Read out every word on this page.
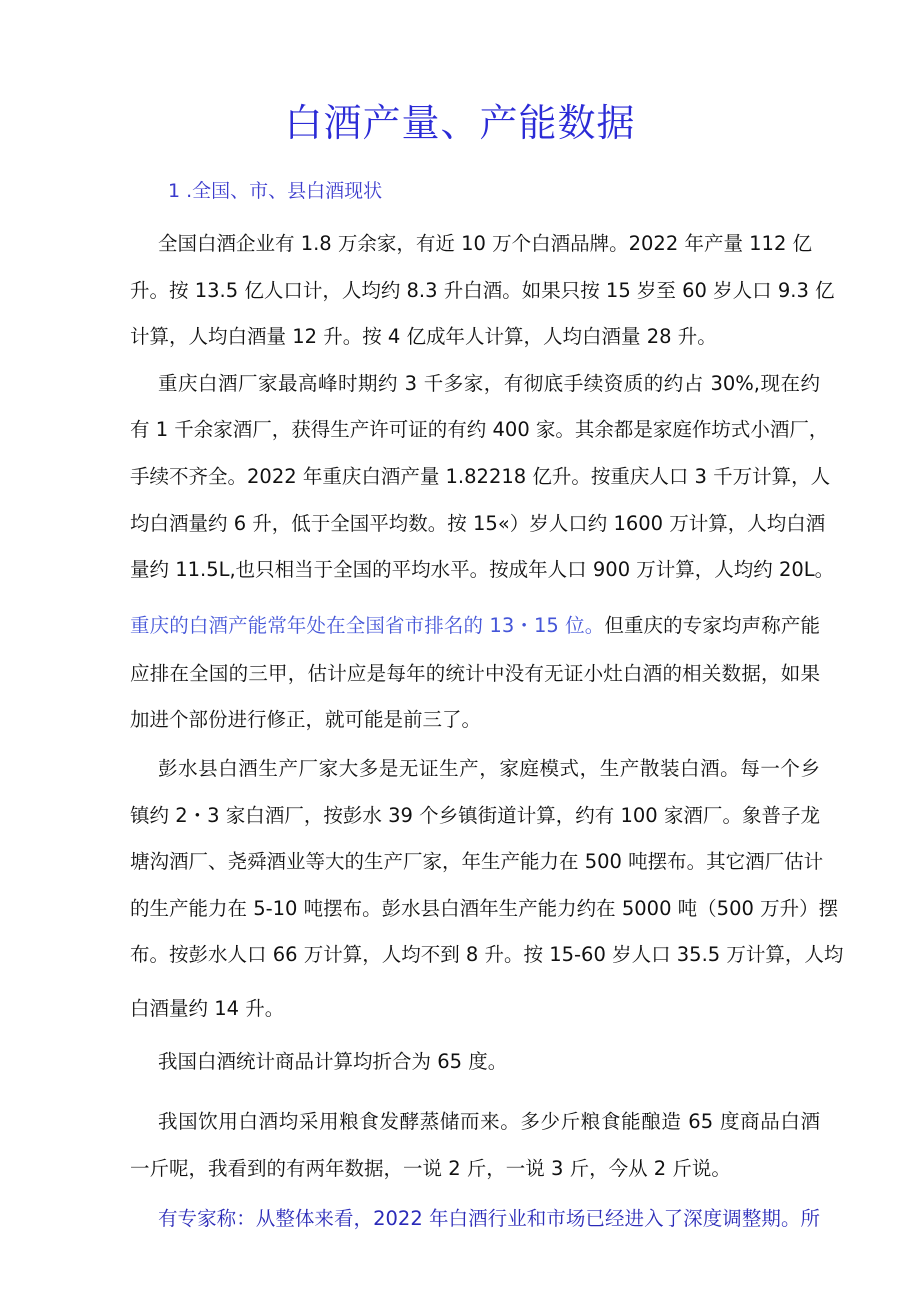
白酒产量、产能数据
1 .全国、市、县白酒现状
全国白酒企业有 1.8 万余家，有近 10 万个白酒品牌。2022 年产量 112 亿
升。按 13.5 亿人口计，人均约 8.3 升白酒。如果只按 15 岁至 60 岁人口 9.3 亿
计算，人均白酒量 12 升。按 4 亿成年人计算，人均白酒量 28 升。
重庆白酒厂家最高峰时期约 3 千多家，有彻底手续资质的约占 30%,现在约
有 1 千余家酒厂，获得生产许可证的有约 400 家。其余都是家庭作坊式小酒厂，
手续不齐全。2022 年重庆白酒产量 1.82218 亿升。按重庆人口 3 千万计算，人
均白酒量约 6 升，低于全国平均数。按 15«）岁人口约 1600 万计算，人均白酒
量约 11.5L,也只相当于全国的平均水平。按成年人口 900 万计算，人均约 20L。
重庆的白酒产能常年处在全国省市排名的 13・15 位。但重庆的专家均声称产能
应排在全国的三甲，估计应是每年的统计中没有无证小灶白酒的相关数据，如果
加进个部份进行修正，就可能是前三了。
彭水县白酒生产厂家大多是无证生产，家庭模式，生产散装白酒。每一个乡
镇约 2・3 家白酒厂，按彭水 39 个乡镇街道计算，约有 100 家酒厂。象普子龙
塘沟酒厂、尧舜酒业等大的生产厂家，年生产能力在 500 吨摆布。其它酒厂估计
的生产能力在 5-10 吨摆布。彭水县白酒年生产能力约在 5000 吨（500 万升）摆
布。按彭水人口 66 万计算，人均不到 8 升。按 15-60 岁人口 35.5 万计算，人均
白酒量约 14 升。
我国白酒统计商品计算均折合为 65 度。
我国饮用白酒均采用粮食发酵蒸储而来。多少斤粮食能酿造 65 度商品白酒
一斤呢，我看到的有两年数据，一说 2 斤，一说 3 斤，今从 2 斤说。
有专家称：从整体来看，2022 年白酒行业和市场已经进入了深度调整期。所
